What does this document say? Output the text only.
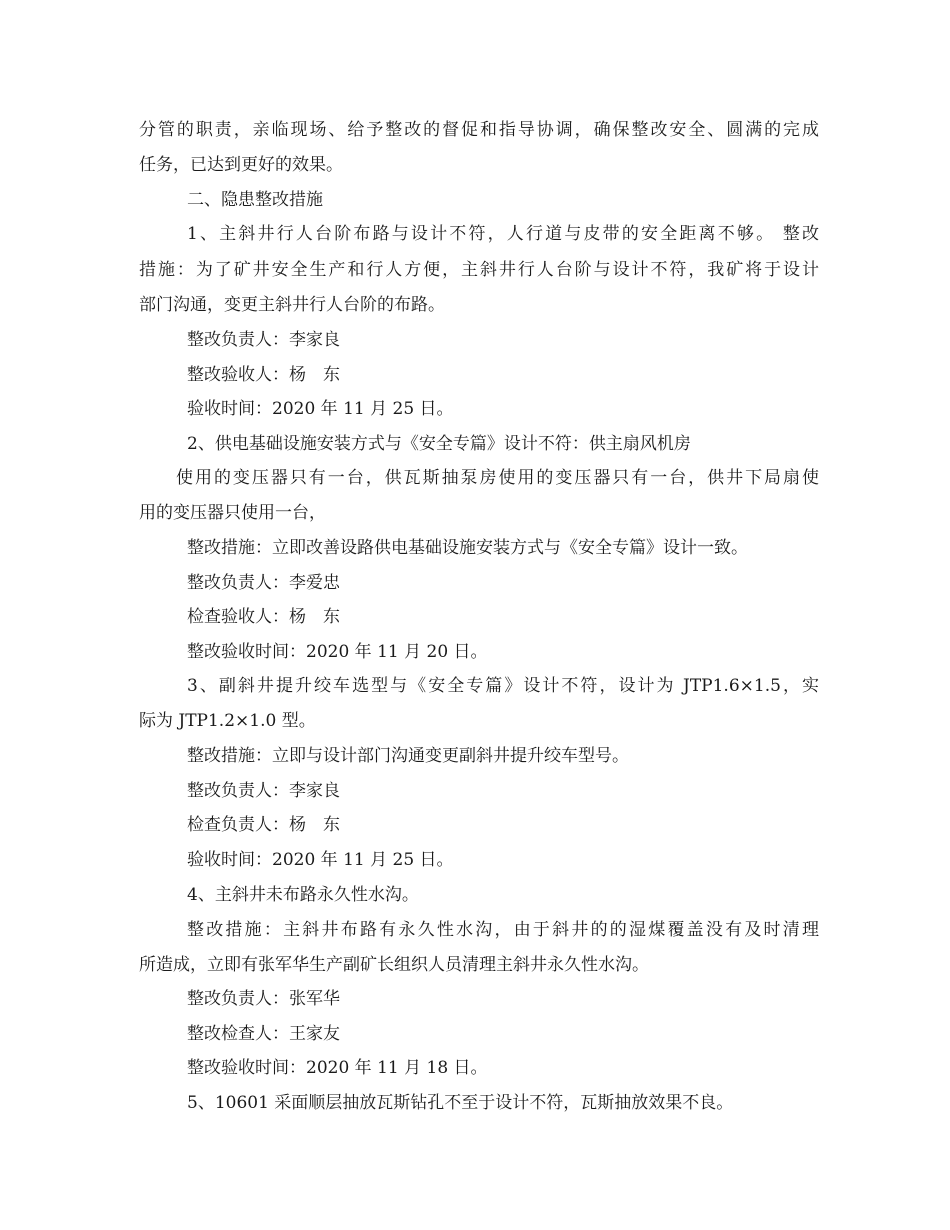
分管的职责，亲临现场、给予整改的督促和指导协调，确保整改安全、圆满的完成
任务，已达到更好的效果。
二、隐患整改措施
1、主斜井行人台阶布路与设计不符，人行道与皮带的安全距离不够。 整改
措施：为了矿井安全生产和行人方便，主斜井行人台阶与设计不符，我矿将于设计
部门沟通，变更主斜井行人台阶的布路。
整改负责人：李家良
整改验收人：杨　东
验收时间：2020 年 11 月 25 日。
2、供电基础设施安装方式与《安全专篇》设计不符：供主扇风机房
使用的变压器只有一台，供瓦斯抽泵房使用的变压器只有一台，供井下局扇使
用的变压器只使用一台，
整改措施：立即改善设路供电基础设施安装方式与《安全专篇》设计一致。
整改负责人：李爱忠
检查验收人：杨　东
整改验收时间：2020 年 11 月 20 日。
3、副斜井提升绞车选型与《安全专篇》设计不符，设计为 JTP1.6×1.5，实
际为 JTP1.2×1.0 型。
整改措施：立即与设计部门沟通变更副斜井提升绞车型号。
整改负责人：李家良
检查负责人：杨　东
验收时间：2020 年 11 月 25 日。
4、主斜井未布路永久性水沟。
整改措施：主斜井布路有永久性水沟，由于斜井的的湿煤覆盖没有及时清理
所造成，立即有张军华生产副矿长组织人员清理主斜井永久性水沟。
整改负责人：张军华
整改检查人：王家友
整改验收时间：2020 年 11 月 18 日。
5、10601 采面顺层抽放瓦斯钻孔不至于设计不符，瓦斯抽放效果不良。
